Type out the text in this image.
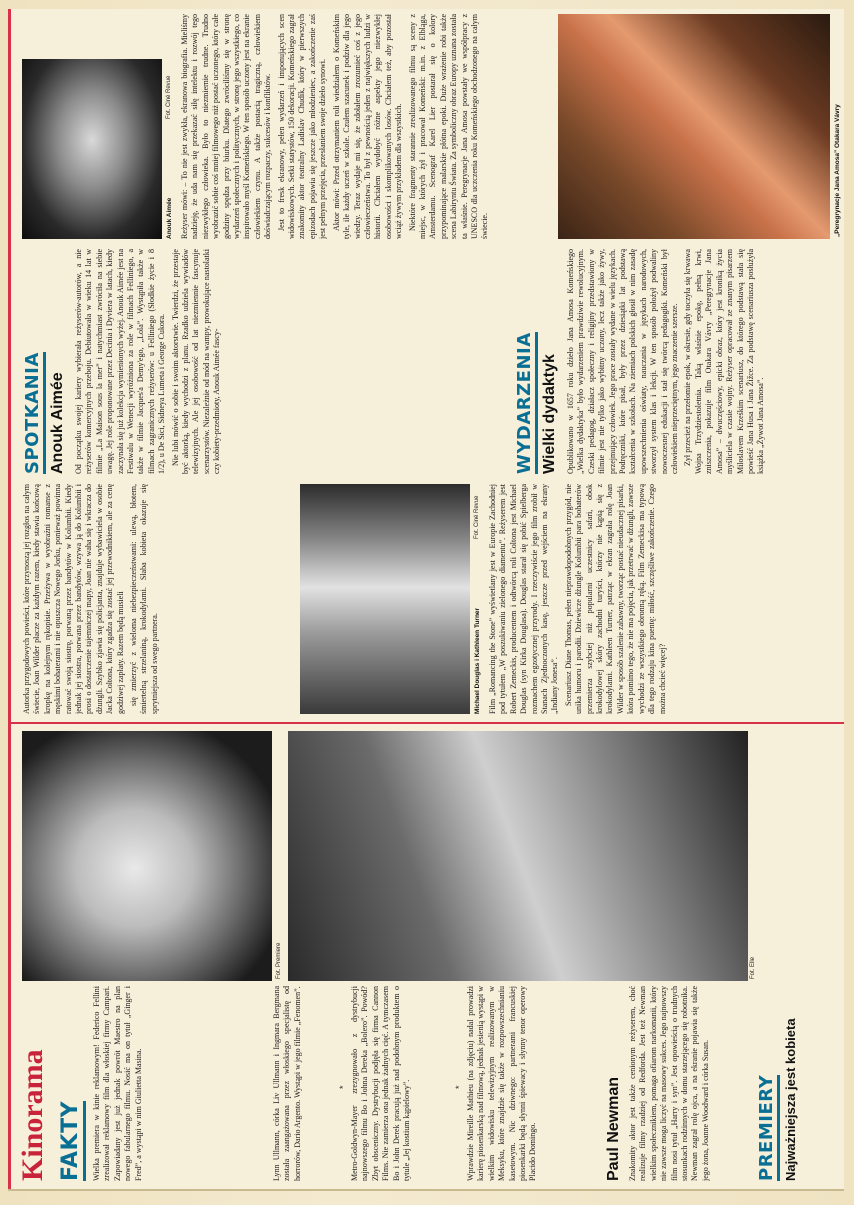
Kinorama FAKTY	Wielka premiera w kinie reklamowym! Federico Fellini zrealizował reklamowy film dla włoskiej firmy Campari. Zapowiadany jest już jednak powrót Maestro na plan nowego fabularnego filmu. Nosić ma on tytuł „Ginger i Fred”, a wystąpi w nim Giulietta Masina.	Lynn Ullmann, córka Liv Ullmann i Ingmara Bergmana została zaangażowana przez włoskiego specjalistę od horrorów, Dario Argento. Wystąpi w jego filmie „Fenomen”.	* Metro-Goldwyn-Mayer zrezygnowało z dystrybucji najnowszego filmu Bo i Johna Dereka „Bolero”. Powód? Zbyt obsceniczny. Dystrybucji podjęła się firma Cannon Films. Nie zamierza ona jednak żadnych cięć. A tymczasem Bo i John Derek pracują już nad podobnym produktem o tytule „Jej kostium kąpielowy”.	* Wprawdzie Mireille Mathieu (na zdjęciu) nadal prowadzi karierę piosenkarską nad filmową, jednak jesienią wystąpi w wielkim widowisku telewizyjnym realizowanym w Meksyku, które znajdzie się także w rozpowszechnianiu kasetowym. Nic dziwnego: partnerami francuskiej piosenkarki będą słynni śpiewacy i słynny tenor operowy Placido Domingo.

Fot. Premiere	Fot. Elle
Paul Newman Znakomity aktor jest także cenionym reżyserem, choć realizuje filmy rzadziej od Redforda. Jest też Newman wielkim społecznikiem, pomaga ofiarom narkomanii, który nie zawsze moga liczyć na masowy sukces. Jego najnowszy film nosi tytuł „Harry i syn”. Jest opowieścią o trudnych stosunkach rodzinnych w domu starzejącego się robotnika. Newman zagrał rolę ojca, a na ekranie pojawia się także jego żona, Joanne Woodward i córka Susan.	PREMIERY Najważniejsza jest kobieta

Autorka przygodowych powieści, które przynoszą jej rozgłos na całym świecie, Joan Wilder płacze za każdym razem, kiedy stawia końcową kropkę na kolejnym rękopisie. Przeżywa w wyobraźni romanse z męskimi bohaterami i nie opuszcza Nowego Jorku, ponieważ powinna ratować swoją siostrę, porwaną przez bandytów w Kolumbii. Kiedy jednak jej siostra, porwana przez bandytów, wzywa ją do Kolumbii i prosi o dostarczenie tajemniczej mapy, Joan nie waha się i wkracza do dżungli. Szybko zjawia się policjanta, znajduje wybawiciela w osobie Jacka Coltona, który zgadza się zostać jej przewodnikiem, ale za cenę godziwej zapłaty. Razem będą musieli się zmierzyć z wieloma niebezpieczeństwami: ulewą, błotem, śmiertelną strzelaniną, krokodylami. Słaba kobieta okazuje się sprytniejsza od swego partnera.	Michael Douglas i Kathleen Turner
Fot. Ciné Revue Film „Romancing the Stone” wyświetlany jest w Europie Zachodniej pod tytułem „W poszukiwaniu zielonego diamentu”. Reżyserem jest Robert Zemeckis, producentem i odtwórcą roli Coltona jest Michael Douglas (syn Kirka Douglasa). Douglas starał się pobić Spielberga rozmachem egzotycznej przyrody. I rzeczywiście jego film zrobił w Stanach Zjednoczonych kasę, jeszcze przed wejściem na ekrany „Indiany Jonesa”. Scenariusz Diane Thomas, pełen nieprawdopodobnych przygód, nie unika humoru i parodii. Dziewicze dżungle Kolumbii para bohaterów przemierza szybciej niż popularni uczestnicy safari, obok krokodylowej skóry zachodni turyści, którzy nie kąpią się z krokodylami. Kathleen Turner, patrząc w ekran zagrała rolę Joan Wilder w sposób szalenie zabawny, tworząc postać nieudacznej pisarki, która pomimo tego, że nie ma pojęcia, jak przetrwać w dżungli, zawsze wychodzi ze wszystkiego obronną ręką. Film Zemeckisa ma typową dla tego rodzaju kina puentę: miłość, szczęśliwe zakończenie. Czego można chcieć więcej?

SPOTKANIA Anouk Aimée Od początku swojej kariery wybierała reżyserów-autorów, a nie reżyserów komercyjnych przeboju. Debiutowała w wieku 14 lat w filmie „La Maison sous la mer” i natychmiast zwróciła na siebie uwagę. Jej role proponowane przez Decinia i Dyviera w latach, kiedy zaczynała się już kolekcja wymienionych wyżej. Anouk Aimée jest na Festiwalu w Wenecji wyróżniona za role w filmach Felliniego, a także w filmie Jacques'a Demy'ego, „Lola”. Wystąpiła także w filmach zagranicznych reżyserów: u Felliniego (Słodkie życie i 8 1/2), u De Sici, Sidneya Lumeta i George Cukora. Nie lubi mówić o sobie i swoim aktorstwie. Twierdzi, że przestaje być aktorką, kiedy wychodzi z planu. Rzadko udziela wywiadów telewizyjnych. Ale jej osobowość od lat niezmiennie fascynuje scenarzystów. Niezależnie od mód na wampy, prowokujące nastolatki czy kobiety-przedmioty, Anouk Aimée fascy-

Anouk Aimée
Fot. Ciné Revue
WYDARZENIA Wielki dydaktyk Opublikowano w 1657 roku dzieło Jana Amosa Komeńskiego „Wielka dydaktyka” było wydarzeniem prawdziwie rewolucyjnym. Czeski pedagog, działacz społeczny i religijny przedstawiony w filmie jest nie tylko jako wybitny uczony, lecz także jako żywy, przejmujący człowiek. Jego prace zostały wydane w wielu językach. Podręczniki, które pisał, były przez dziesiątki lat podstawą kształcenia w szkołach. Na ziemiach polskich głosił w nim zasadę upowszechnienia oświaty, nauczania w językach narodowych, stworzył system klas i lekcji. W ten sposób położył podwaliny nowoczesnej edukacji i stał się twórcą pedagogiki. Komeński był człowiekiem nieprzeciętnym, jego znaczenie szersze. Zył przecież na przełomie epok, w okresie, gdy toczyła się krwawa Wojna Trzydziestoletnia. Taką właśnie epokę, pełną krwi, zniszczenia, pokazuje film Otakara Vávry „Peregrynacje Jana Amosa” – dwuczęściowy, epicki obraz, który jest kroniką życia myśliciela w czasie wojny. Reżyser opracował ze znanym pisarzem Miloslavem Krześkim scenariusz, do którego podstawą stała się powieść Jana Husa i Jana Žižce. Za podstawę scenariusza posłużyła książka „Żywot Jana Amosa”.

Reżyser mówi: – To nie jest zwykła, ekranowa biografia. Mieliśmy nadzieję, że uda nam się przekazać siłę intelektu i rozwój tego niezwykłego człowieka. Było to niezmiernie trudne. Trudno wyobrazić sobie coś mniej filmowego niż postać uczonego, który całe godziny spędza przy biurku. Dlatego zwróciliśmy się w stronę wydarzeń społecznych i politycznych, w stronę jego wszystkiego, co inspirowało myśl Komeńskiego. W ten sposób uczony jest na ekranie człowiekiem czynu. A także postacią tragiczną, człowiekiem doświadczającym rozpaczy, sukcesów i konfliktów. Jest to fresk ekranowy, pełen wydarzeń i imponujących scen widowiskowych. Setki statystów, 150 dekoracji. Komeńskiego zagrał znakomity aktor teatralny Ladislav Chudík, który w pierwszych epizodach pojawia się jeszcze jako młodzieniec, a zakończenie zaś jest pełnym przejęcia, przesłaniem swoje dzieło synowi. Aktor mówi: Przed otrzymaniem roli wiedziałem o Komeńskim tyle, ile każdy uczeń w szkole. Czułem szacunek i podziw dla jego wiedzy. Teraz wydaje mi się, że zdołałem zrozumieć coś z jego człowieczeństwa. To był z pewnością jeden z największych ludzi w historii. Chciałem wydobyć różne aspekty jego niezwykłej osobowości i skomplikowanych losów. Chciałem też, aby pozostał wciąż żywym przykładem dla wszystkich. Niektóre fragmenty starannie zrealizowanego filmu są sceny z miejsc, w których żył i pracował Komeński: m.in. z Elbląga, Amsterdamu. Scenograf Karel Lier postarał się o kolory przypominające malarskie płótna epoki. Duże wrażenie robi także scena Labiryntu Świata. Za symboliczny obraz Europy uznana została ta właśnie. Peregrynacje Jana Amosa powstały we współpracy z UNESCO dla uczczenia roku Komeńskiego obchodzonego na całym świecie.	„Peregrynacje Jana Amosa” Otakara Vávry
